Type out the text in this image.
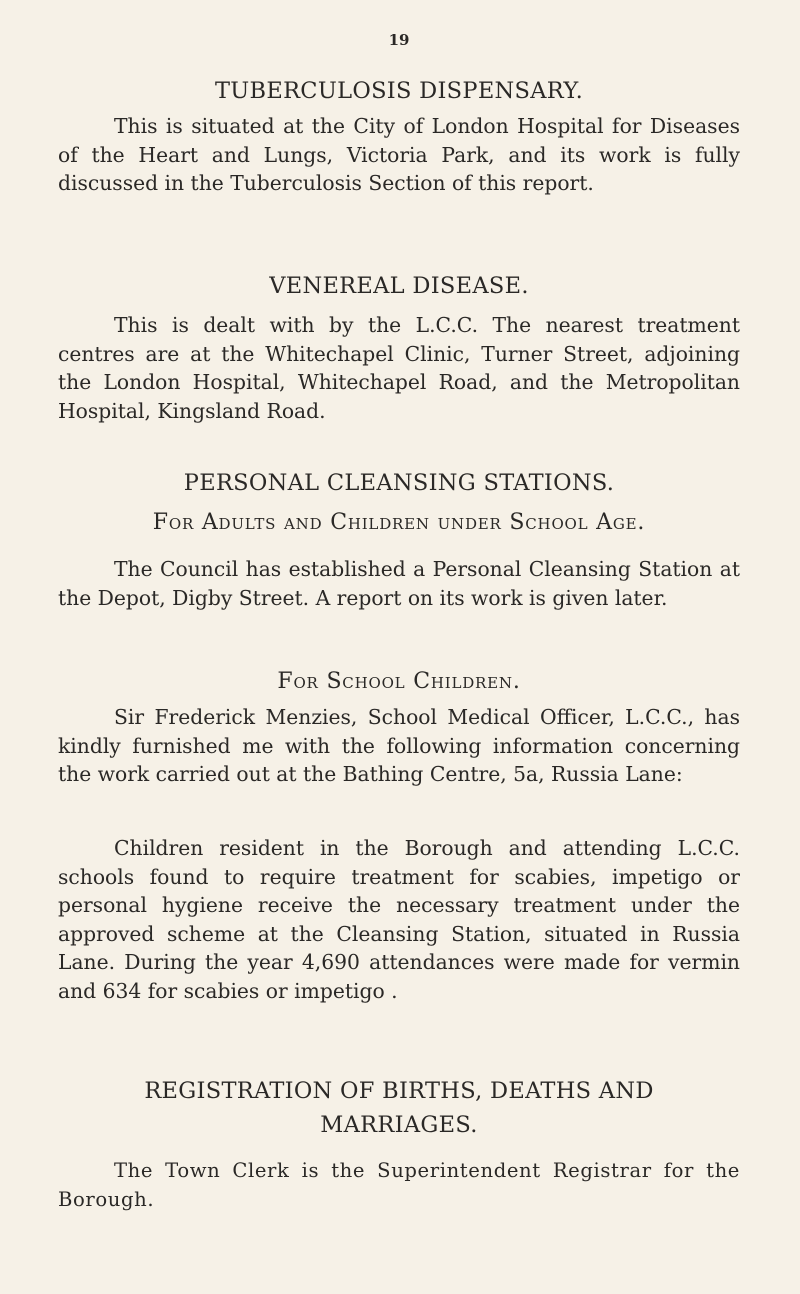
19
TUBERCULOSIS DISPENSARY.

This is situated at the City of London Hospital for Diseases of the Heart and Lungs, Victoria Park, and its work is fully discussed in the Tuberculosis Section of this report.

VENEREAL DISEASE.

This is dealt with by the L.C.C. The nearest treatment centres are at the Whitechapel Clinic, Turner Street, adjoining the London Hospital, Whitechapel Road, and the Metropolitan Hospital, Kingsland Road.

PERSONAL CLEANSING STATIONS.
For Adults and Children under School Age.

The Council has established a Personal Cleansing Station at the Depot, Digby Street. A report on its work is given later.

For School Children.

Sir Frederick Menzies, School Medical Officer, L.C.C., has kindly furnished me with the following information concerning the work carried out at the Bathing Centre, 5a, Russia Lane:

Children resident in the Borough and attending L.C.C. schools found to require treatment for scabies, impetigo or personal hygiene receive the necessary treatment under the approved scheme at the Cleansing Station, situated in Russia Lane. During the year 4,690 attendances were made for vermin and 634 for scabies or impetigo .

REGISTRATION OF BIRTHS, DEATHS AND MARRIAGES.

The Town Clerk is the Superintendent Registrar for the Borough.
